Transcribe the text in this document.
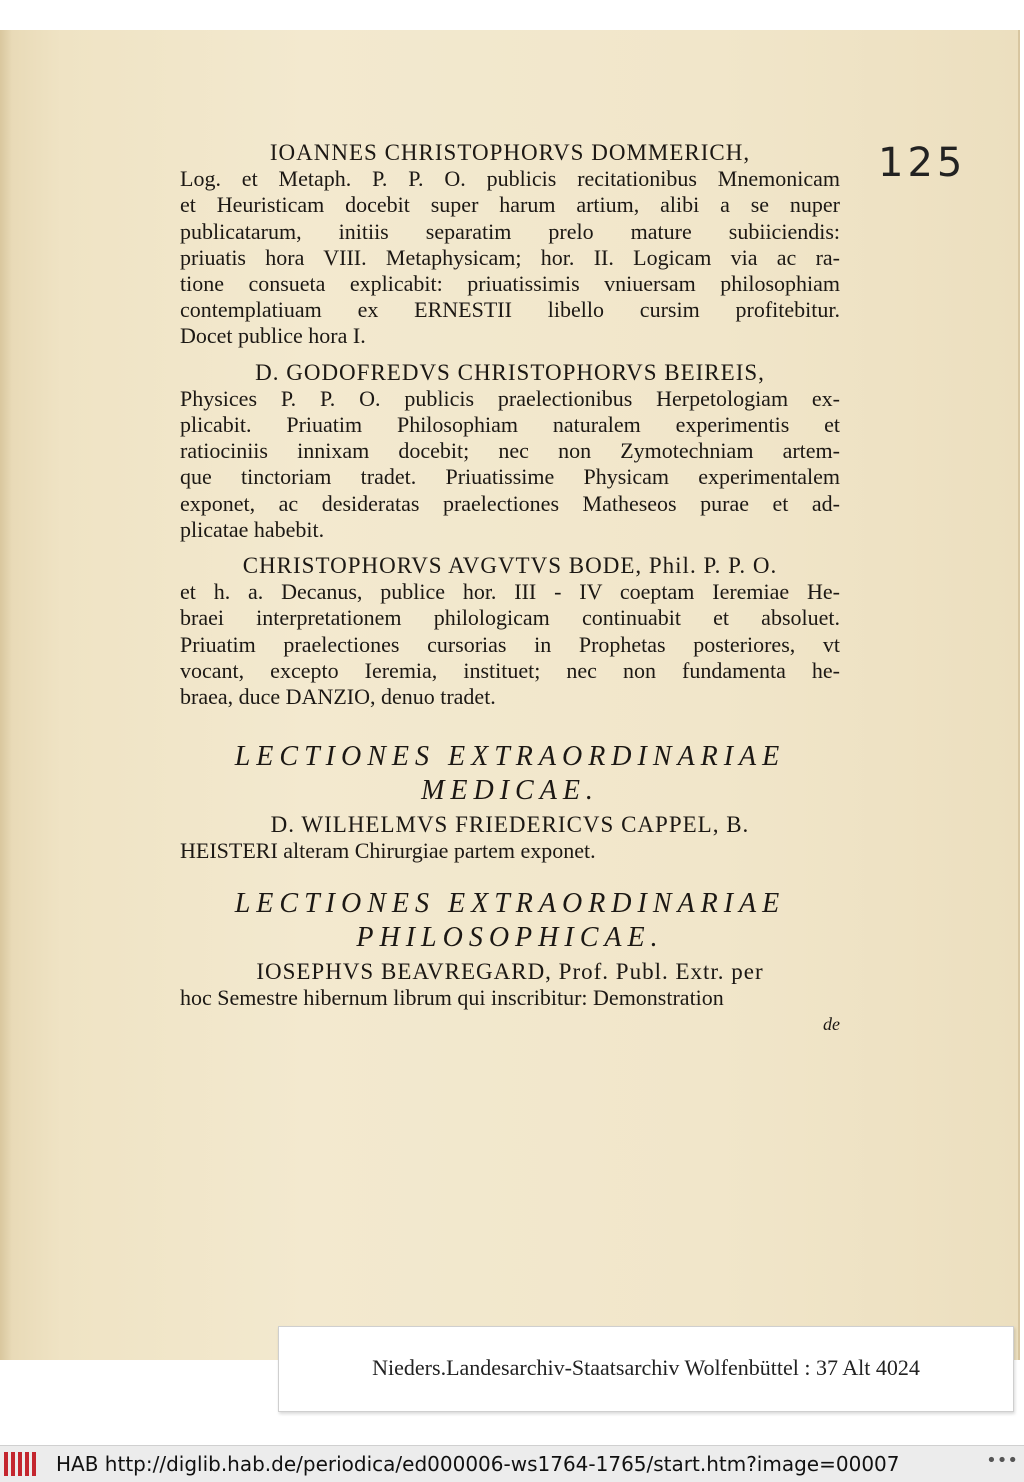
125
IOANNES CHRISTOPHORVS DOMMERICH,
Log. et Metaph. P. P. O. publicis recitationibus Mnemonicam
et Heuristicam docebit super harum artium, alibi a se nuper
publicatarum, initiis separatim prelo mature subiiciendis:
priuatis hora VIII. Metaphysicam; hor. II. Logicam via ac ra-
tione consueta explicabit: priuatissimis vniuersam philosophiam
contemplatiuam ex ERNESTII libello cursim profitebitur.
Docet publice hora I.
D. GODOFREDVS CHRISTOPHORVS BEIREIS,
Physices P. P. O. publicis praelectionibus Herpetologiam ex-
plicabit. Priuatim Philosophiam naturalem experimentis et
ratiociniis innixam docebit; nec non Zymotechniam artem-
que tinctoriam tradet. Priuatissime Physicam experimentalem
exponet, ac desideratas praelectiones Matheseos purae et ad-
plicatae habebit.
CHRISTOPHORVS AVGVTVS BODE, Phil. P. P. O.
et h. a. Decanus, publice hor. III - IV coeptam Ieremiae He-
braei interpretationem philologicam continuabit et absoluet.
Priuatim praelectiones cursorias in Prophetas posteriores, vt
vocant, excepto Ieremia, instituet; nec non fundamenta he-
braea, duce DANZIO, denuo tradet.
LECTIONES EXTRAORDINARIAE
MEDICAE.
D. WILHELMVS FRIEDERICVS CAPPEL, B.
HEISTERI alteram Chirurgiae partem exponet.
LECTIONES EXTRAORDINARIAE
PHILOSOPHICAE.
IOSEPHVS BEAVREGARD, Prof. Publ. Extr. per
hoc Semestre hibernum librum qui inscribitur: Demonstration
de
Nieders.Landesarchiv-Staatsarchiv Wolfenbüttel : 37 Alt 4024
HAB http://diglib.hab.de/periodica/ed000006-ws1764-1765/start.htm?image=00007	•••
